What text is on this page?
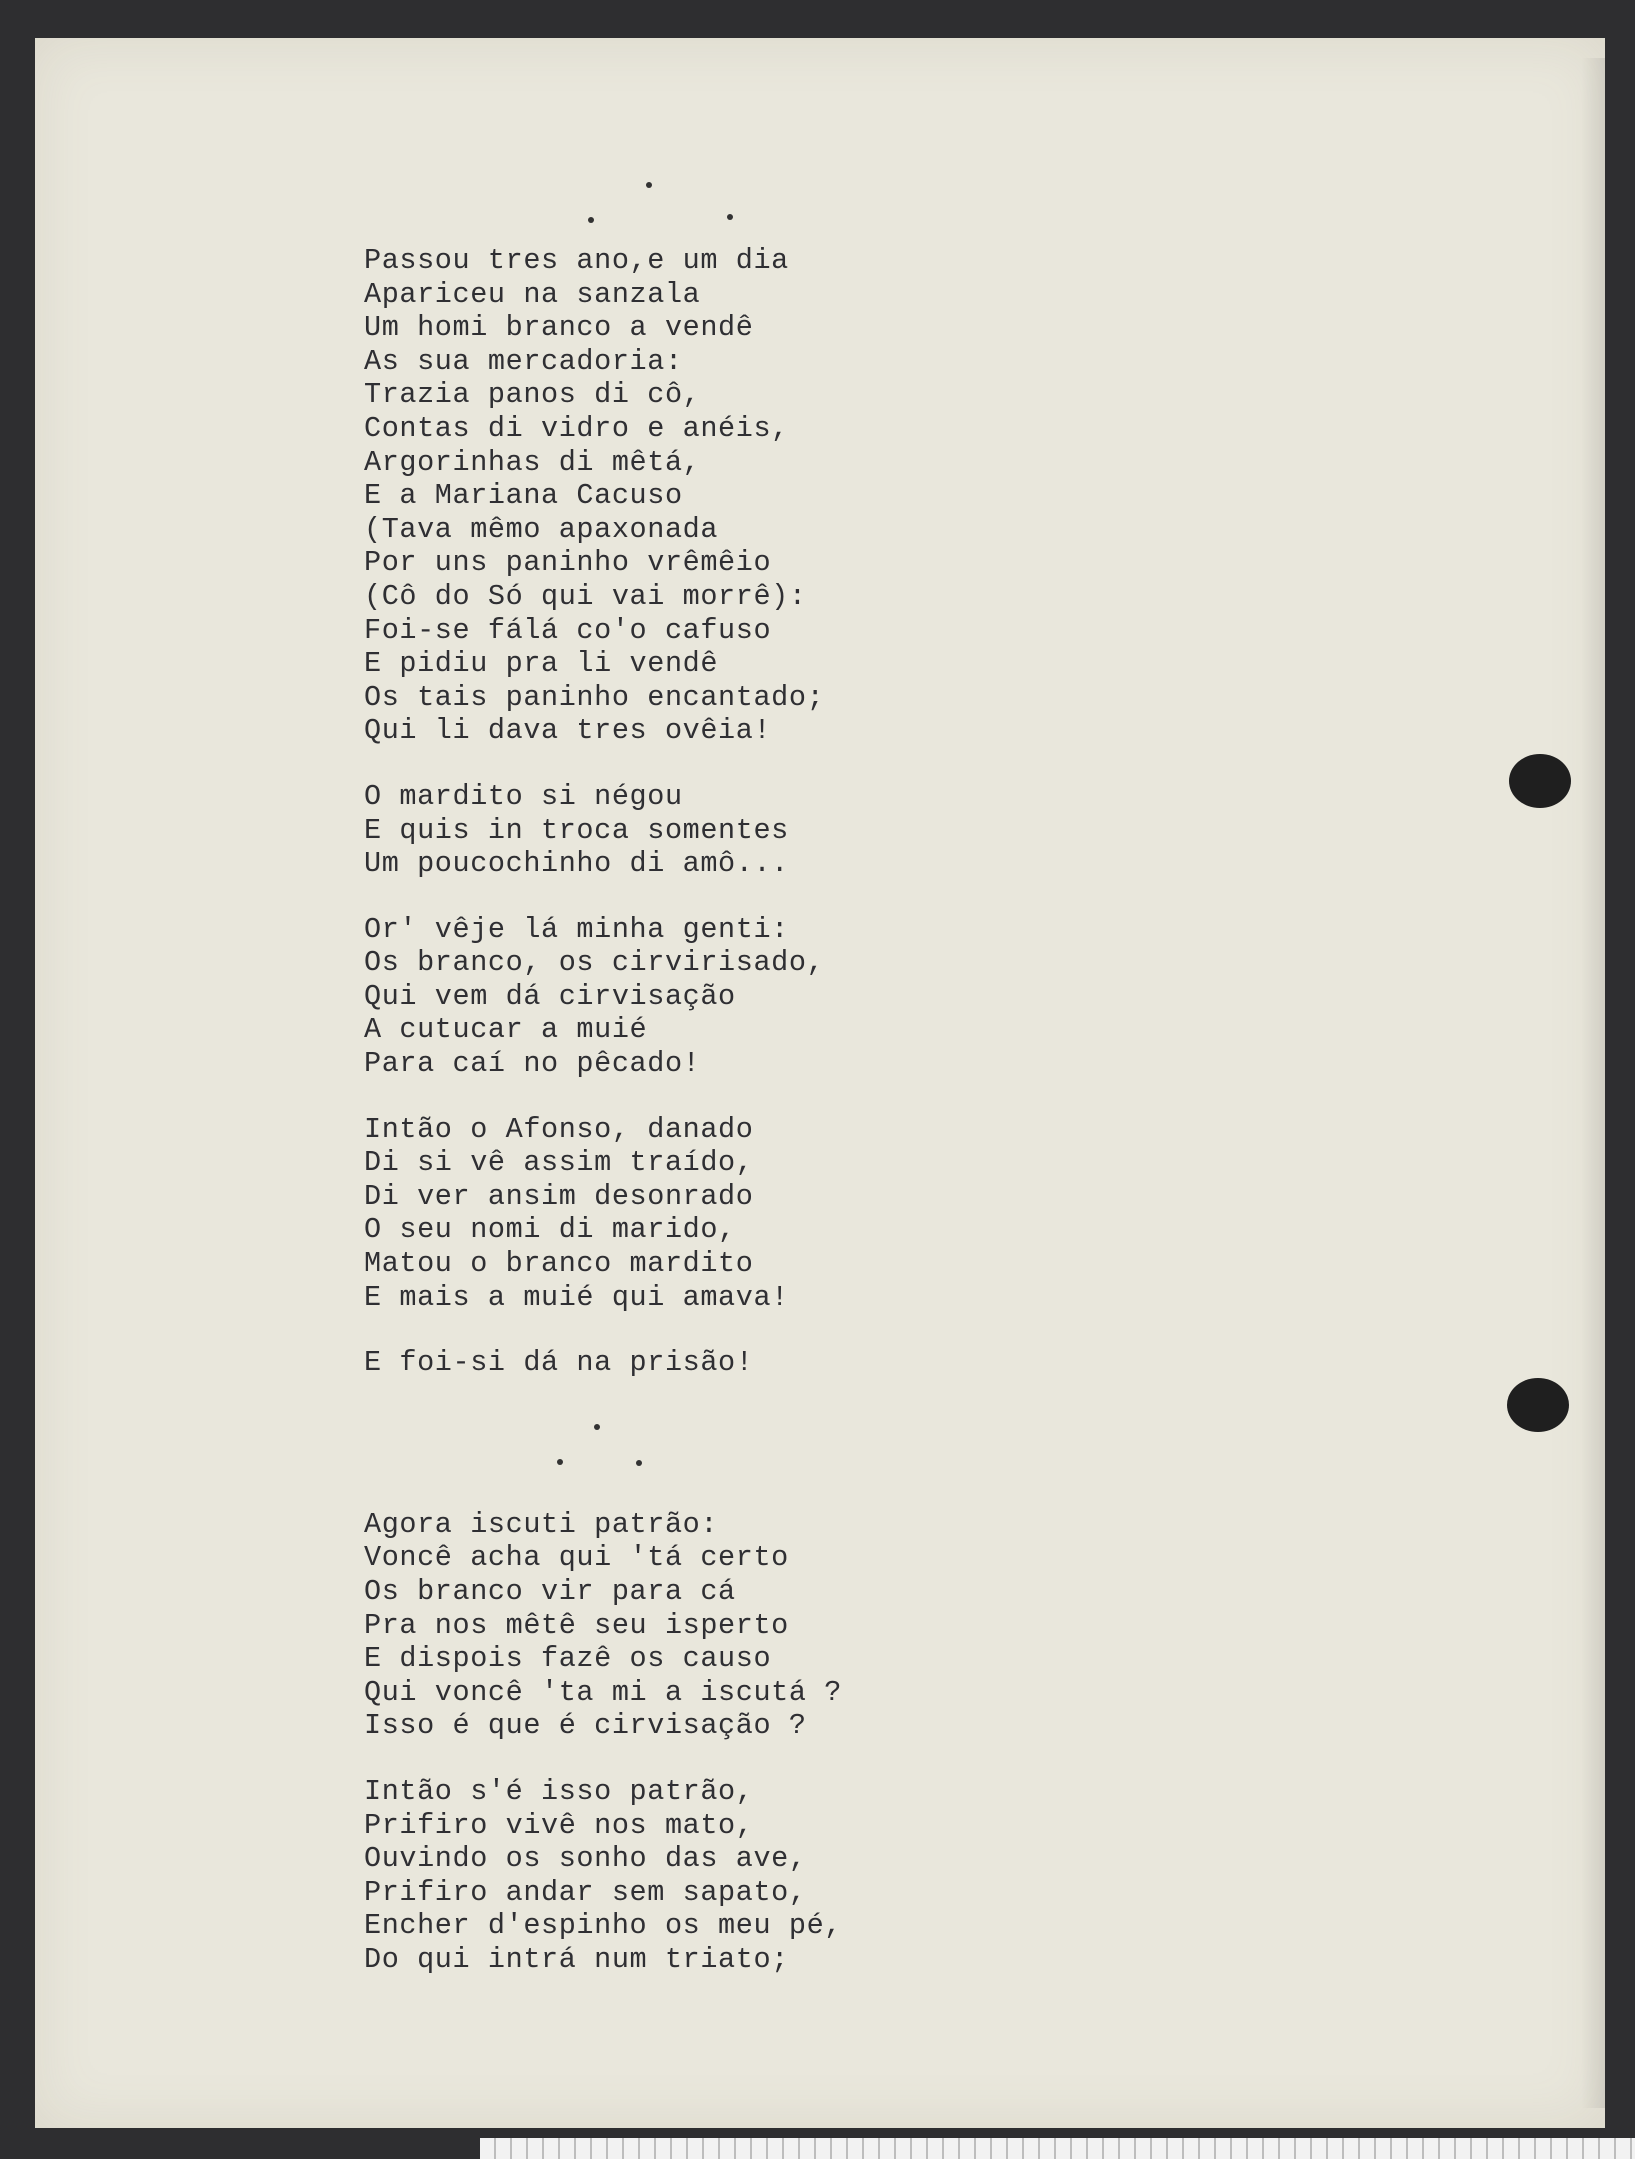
Passou tres ano,e um dia
Apariceu na sanzala
Um homi branco a vendê
As sua mercadoria:
Trazia panos di cô,
Contas di vidro e anéis,
Argorinhas di mêtá,
E a Mariana Cacuso
(Tava mêmo apaxonada
Por uns paninho vrêmêio
(Cô do Só qui vai morrê):
Foi-se fálá co'o cafuso
E pidiu pra li vendê
Os tais paninho encantado;
Qui li dava tres ovêia!
O mardito si négou
E quis in troca somentes
Um poucochinho di amô...
Or' vêje lá minha genti:
Os branco, os cirvirisado,
Qui vem dá cirvisação
A cutucar a muié
Para caí no pêcado!
Intão o Afonso, danado
Di si vê assim traído,
Di ver ansim desonrado
O seu nomi di marido,
Matou o branco mardito
E mais a muié qui amava!
E foi-si dá na prisão!
Agora iscuti patrão:
Voncê acha qui 'tá certo
Os branco vir para cá
Pra nos mêtê seu isperto
E dispois fazê os causo
Qui voncê 'ta mi a iscutá ?
Isso é que é cirvisação ?
Intão s'é isso patrão,
Prifiro vivê nos mato,
Ouvindo os sonho das ave,
Prifiro andar sem sapato,
Encher d'espinho os meu pé,
Do qui intrá num triato;
